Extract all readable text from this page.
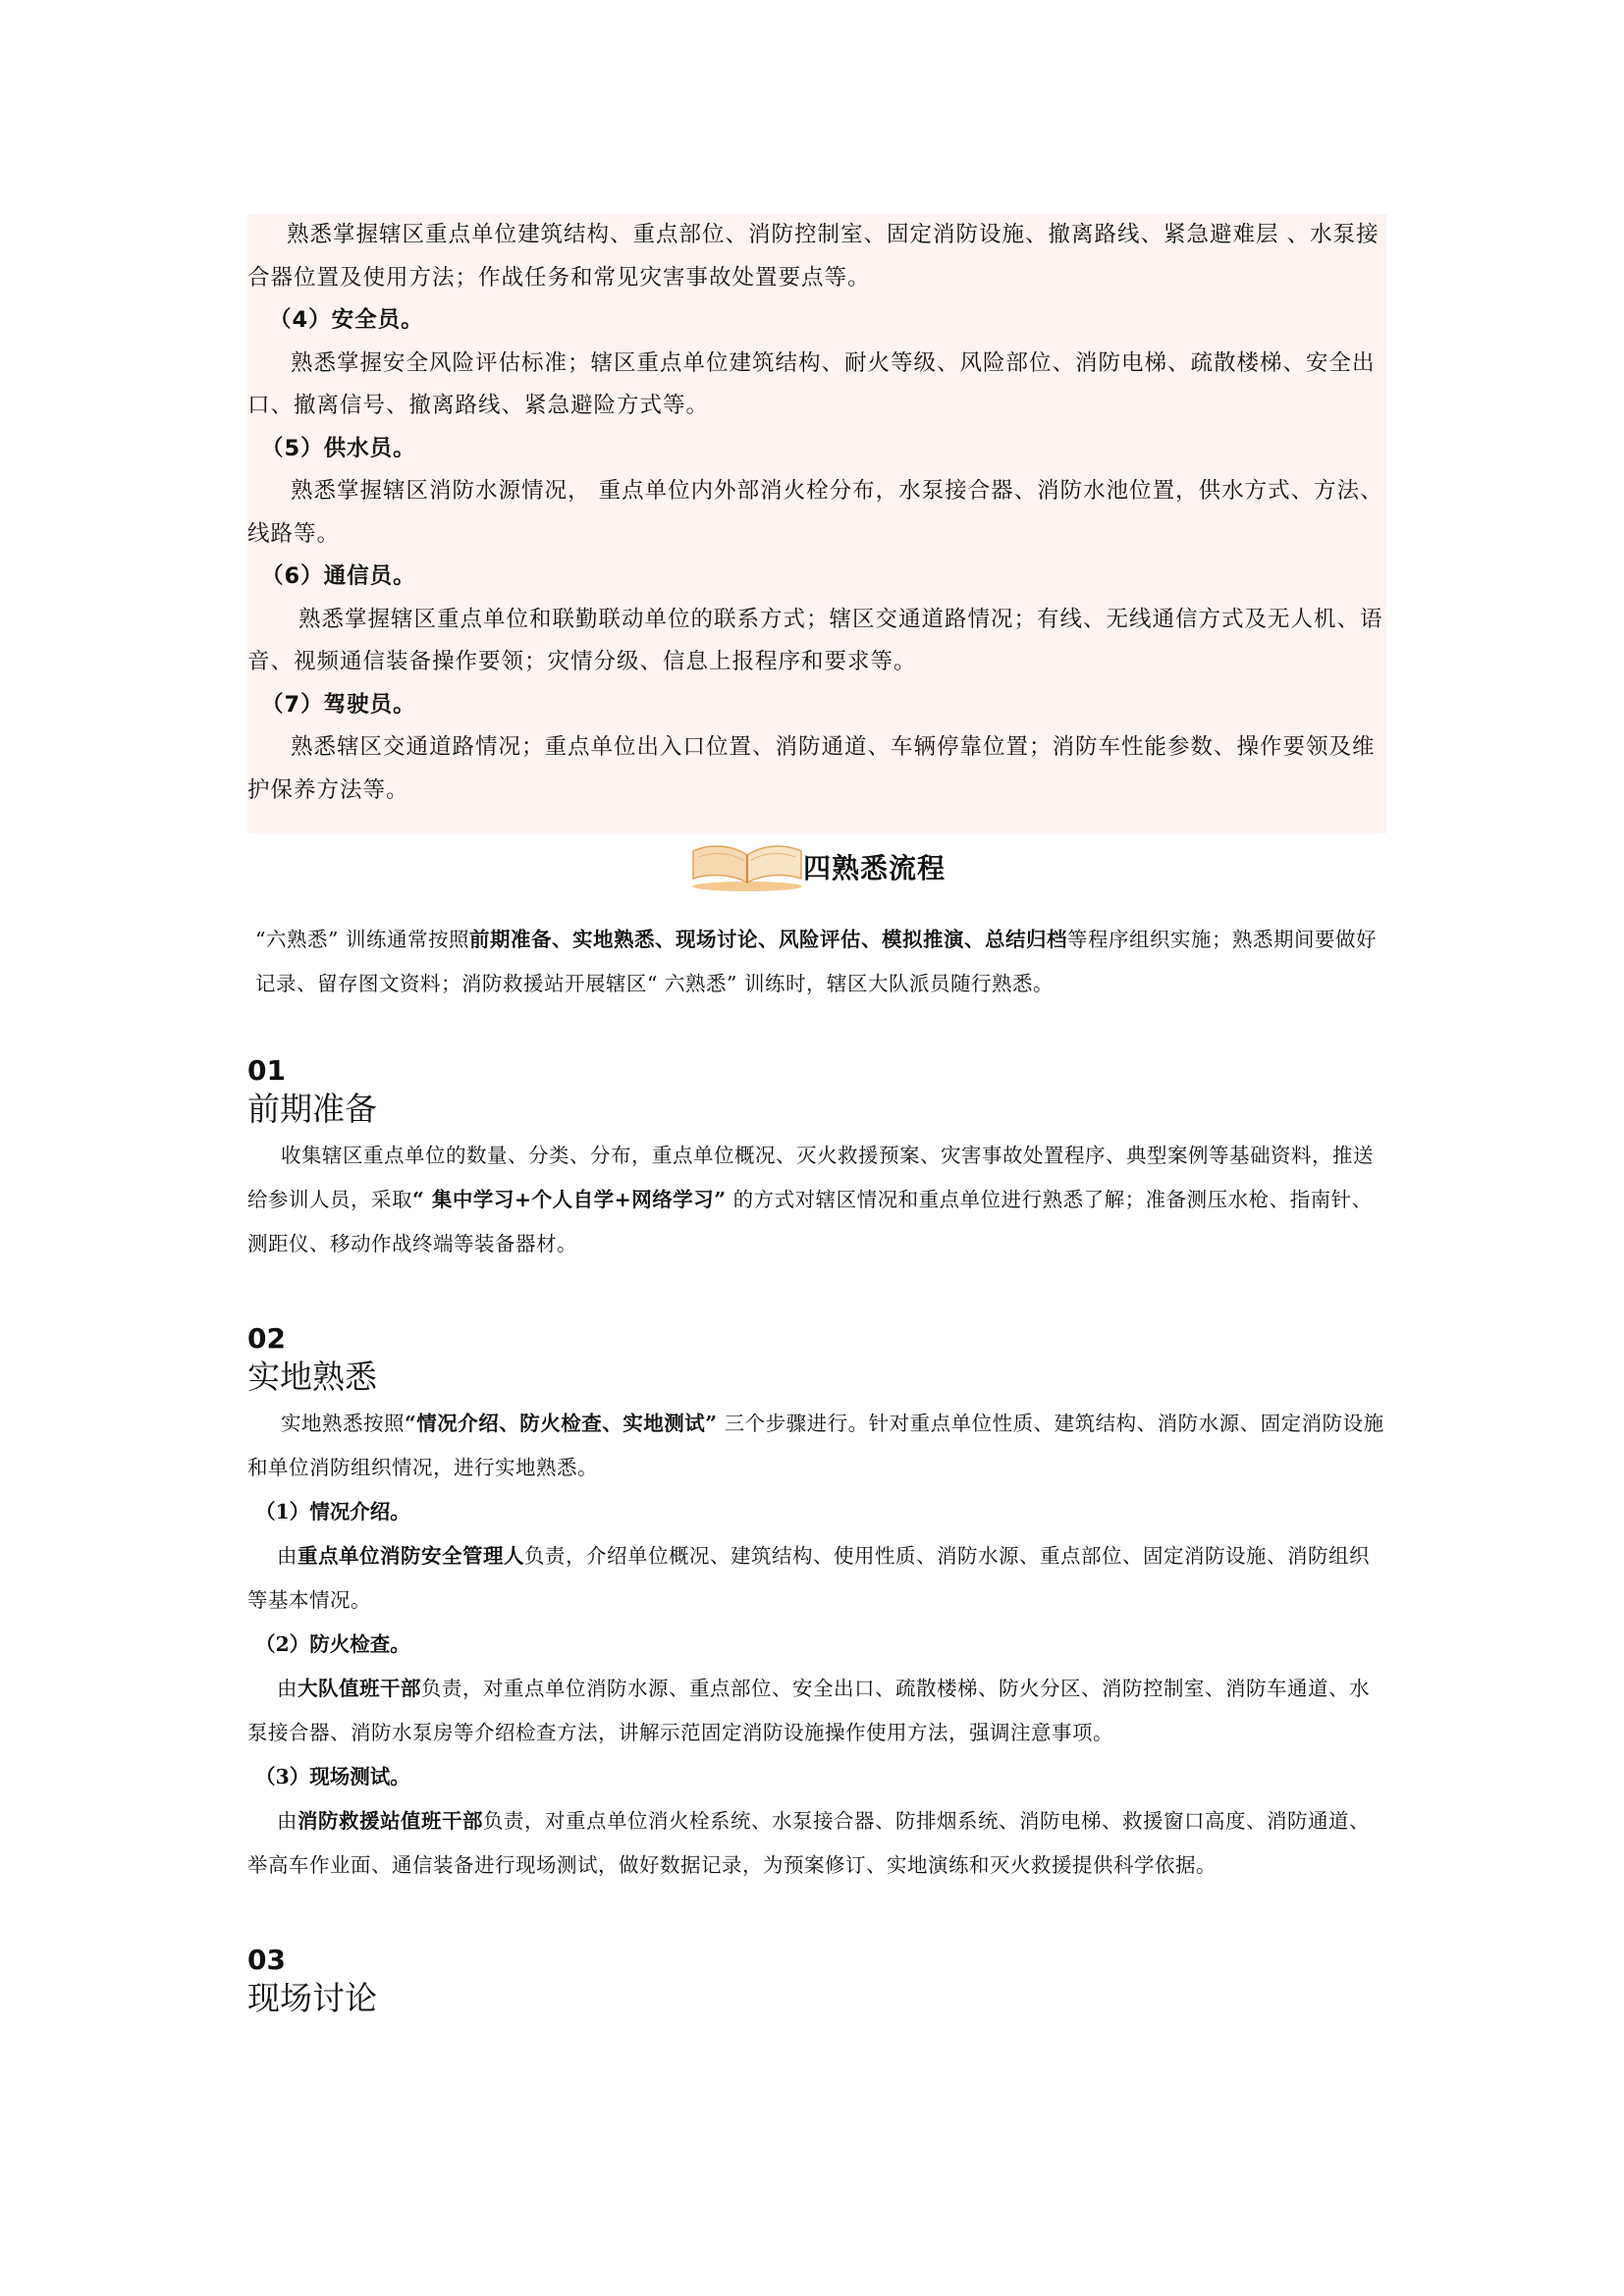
熟悉掌握辖区重点单位建筑结构、重点部位、消防控制室、固定消防设施、撤离路线、紧急避难层 、水泵接合器位置及使用方法；作战任务和常见灾害事故处置要点等。

（4）安全员。

熟悉掌握安全风险评估标准；辖区重点单位建筑结构、耐火等级、风险部位、消防电梯、疏散楼梯、安全出口、撤离信号、撤离路线、紧急避险方式等。

（5）供水员。

熟悉掌握辖区消防水源情况， 重点单位内外部消火栓分布，水泵接合器、消防水池位置，供水方式、方法、线路等。

（6）通信员。

熟悉掌握辖区重点单位和联勤联动单位的联系方式；辖区交通道路情况；有线、无线通信方式及无人机、语音、视频通信装备操作要领；灾情分级、信息上报程序和要求等。

（7）驾驶员。

熟悉辖区交通道路情况；重点单位出入口位置、消防通道、车辆停靠位置；消防车性能参数、操作要领及维护保养方法等。

四熟悉流程

“六熟悉” 训练通常按照前期准备、实地熟悉、现场讨论、风险评估、模拟推演、总结归档等程序组织实施；熟悉期间要做好 记录、留存图文资料；消防救援站开展辖区“ 六熟悉” 训练时，辖区大队派员随行熟悉。

01

前期准备

收集辖区重点单位的数量、分类、分布，重点单位概况、灭火救援预案、灾害事故处置程序、典型案例等基础资料，推送给参训人员，采取“ 集中学习+个人自学+网络学习” 的方式对辖区情况和重点单位进行熟悉了解；准备测压水枪、指南针、测距仪、移动作战终端等装备器材。

02

实地熟悉

实地熟悉按照“情况介绍、防火检查、实地测试” 三个步骤进行。针对重点单位性质、建筑结构、消防水源、固定消防设施和单位消防组织情况，进行实地熟悉。

（1）情况介绍。

由重点单位消防安全管理人负责，介绍单位概况、建筑结构、使用性质、消防水源、重点部位、固定消防设施、消防组织等基本情况。

（2）防火检查。

由大队值班干部负责，对重点单位消防水源、重点部位、安全出口、疏散楼梯、防火分区、消防控制室、消防车通道、水泵接合器、消防水泵房等介绍检查方法，讲解示范固定消防设施操作使用方法，强调注意事项。

（3）现场测试。

由消防救援站值班干部负责，对重点单位消火栓系统、水泵接合器、防排烟系统、消防电梯、救援窗口高度、消防通道、举高车作业面、通信装备进行现场测试，做好数据记录，为预案修订、实地演练和灭火救援提供科学依据。

03

现场讨论
